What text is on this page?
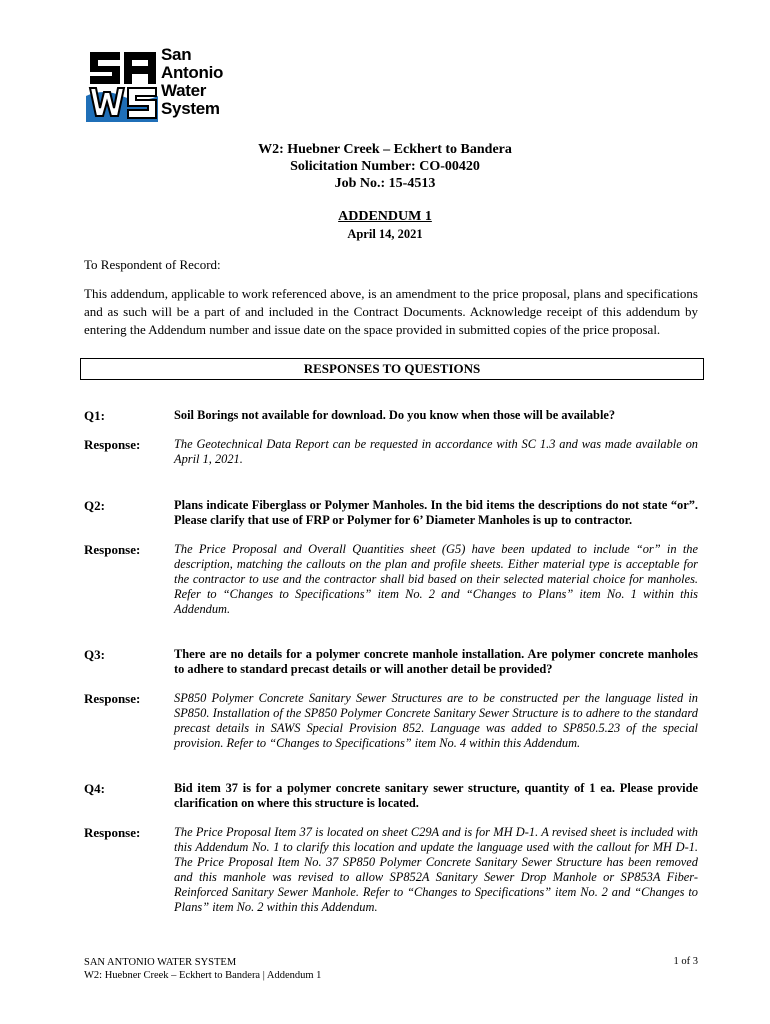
San
Antonio
Water
System
W2: Huebner Creek – Eckhert to Bandera
Solicitation Number: CO-00420
Job No.: 15-4513
ADDENDUM 1
April 14, 2021
To Respondent of Record:
This addendum, applicable to work referenced above, is an amendment to the price proposal, plans and specifications and as such will be a part of and included in the Contract Documents. Acknowledge receipt of this addendum by entering the Addendum number and issue date on the space provided in submitted copies of the price proposal.
RESPONSES TO QUESTIONS
Q1:	Soil Borings not available for download. Do you know when those will be available?
Response:	The Geotechnical Data Report can be requested in accordance with SC 1.3 and was made available on April 1, 2021.
Q2:	Plans indicate Fiberglass or Polymer Manholes. In the bid items the descriptions do not state “or”. Please clarify that use of FRP or Polymer for 6’ Diameter Manholes is up to contractor.
Response:	The Price Proposal and Overall Quantities sheet (G5) have been updated to include “or” in the description, matching the callouts on the plan and profile sheets. Either material type is acceptable for the contractor to use and the contractor shall bid based on their selected material choice for manholes. Refer to “Changes to Specifications” item No. 2 and “Changes to Plans” item No. 1 within this Addendum.
Q3:	There are no details for a polymer concrete manhole installation. Are polymer concrete manholes to adhere to standard precast details or will another detail be provided?
Response:	SP850 Polymer Concrete Sanitary Sewer Structures are to be constructed per the language listed in SP850. Installation of the SP850 Polymer Concrete Sanitary Sewer Structure is to adhere to the standard precast details in SAWS Special Provision 852. Language was added to SP850.5.23 of the special provision. Refer to “Changes to Specifications” item No. 4 within this Addendum.
Q4:	Bid item 37 is for a polymer concrete sanitary sewer structure, quantity of 1 ea. Please provide clarification on where this structure is located.
Response:	The Price Proposal Item 37 is located on sheet C29A and is for MH D-1. A revised sheet is included with this Addendum No. 1 to clarify this location and update the language used with the callout for MH D-1. The Price Proposal Item No. 37 SP850 Polymer Concrete Sanitary Sewer Structure has been removed and this manhole was revised to allow SP852A Sanitary Sewer Drop Manhole or SP853A Fiber-Reinforced Sanitary Sewer Manhole. Refer to “Changes to Specifications” item No. 2 and “Changes to Plans” item No. 2 within this Addendum.
SAN ANTONIO WATER SYSTEM
W2: Huebner Creek – Eckhert to Bandera | Addendum 1
1 of 3
